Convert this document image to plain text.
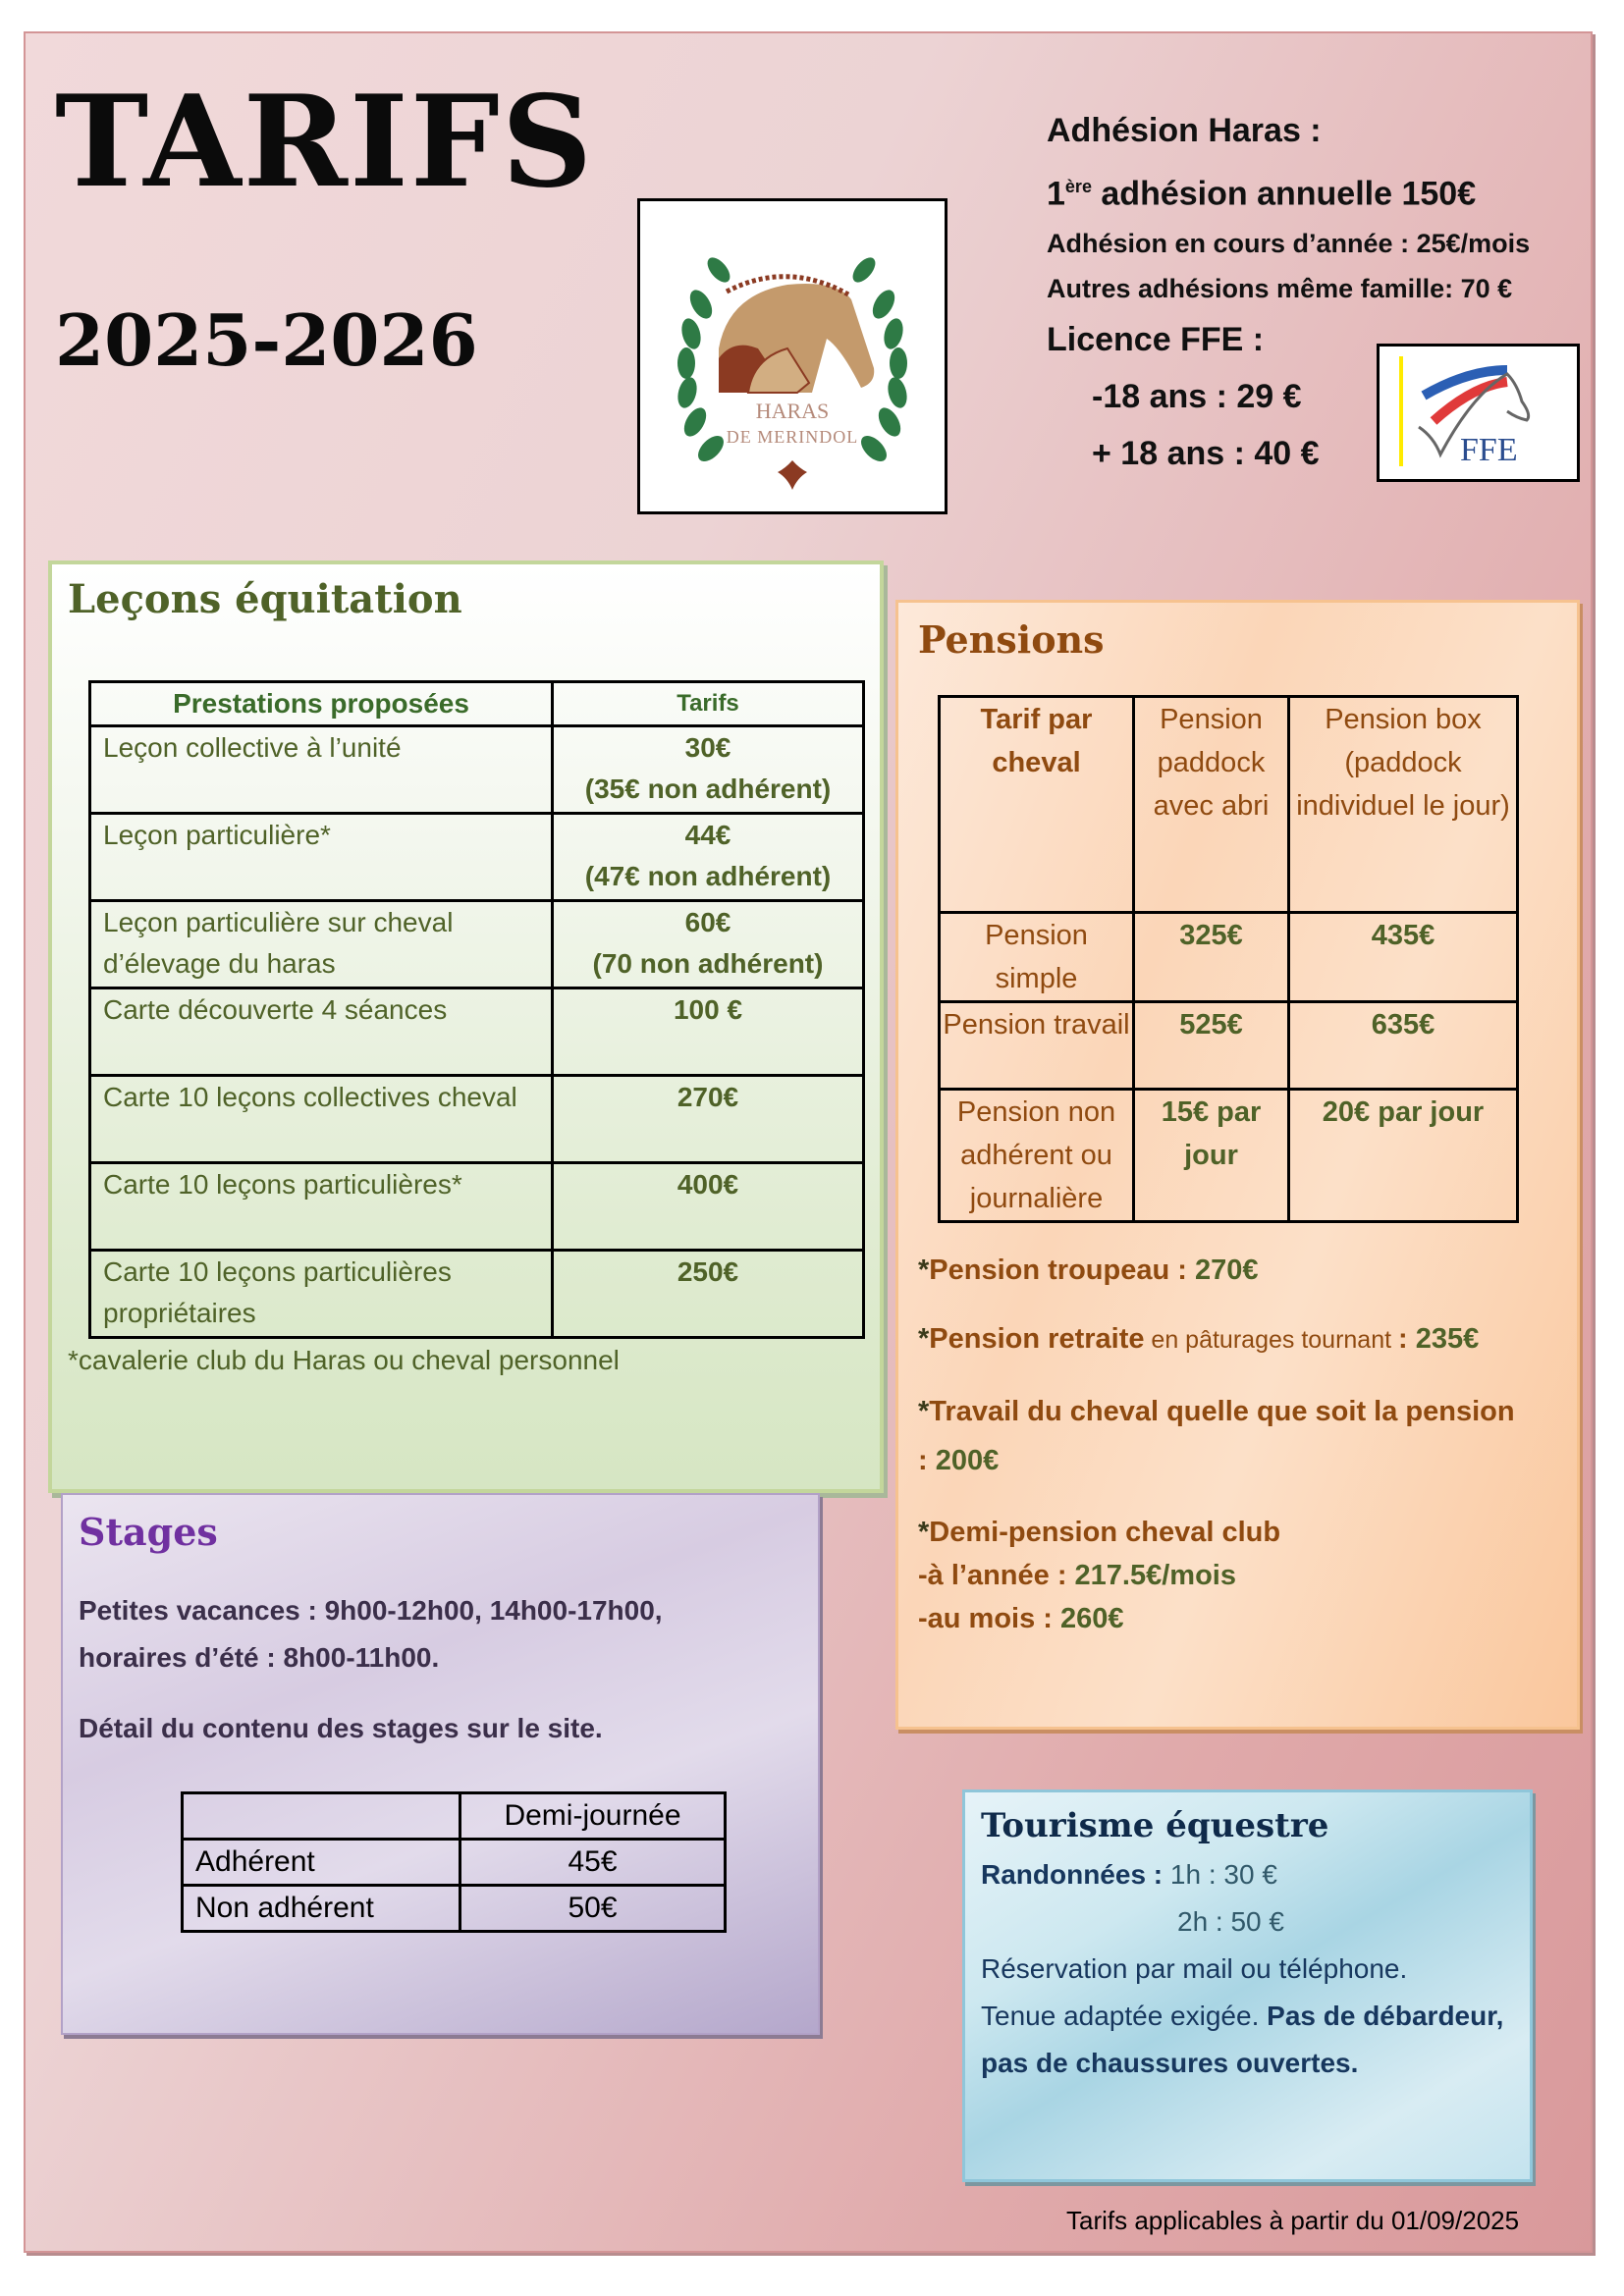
TARIFS
2025-2026
HARAS
DE MERINDOL
Adhésion Haras :
1ère adhésion annuelle 150€
Adhésion en cours d’année : 25€/mois
Autres adhésions même famille: 70 €
Licence FFE :
-18 ans : 29 €
+ 18 ans : 40 €	FFE
Leçons équitation
Prestations proposées	Tarifs
Leçon collective à l’unité	30€
(35€ non adhérent)

Leçon particulière*	44€
(47€ non adhérent)

Leçon particulière sur cheval d’élevage du haras	60€
(70 non adhérent)

Carte découverte 4 séances	100 €
Carte 10 leçons collectives cheval	270€
Carte 10 leçons particulières*	400€
Carte 10 leçons particulières propriétaires	250€
*cavalerie club du Haras ou cheval personnel
Pensions
Tarif par cheval	Pension paddock avec abri	Pension box (paddock individuel le jour)
Pension simple	325€	435€
Pension travail	525€	635€
Pension non adhérent ou journalière	15€ par jour	20€ par jour
*Pension troupeau : 270€
*Pension retraite en pâturages tournant : 235€
*Travail du cheval quelle que soit la pension : 200€
*Demi-pension cheval club
-à l’année : 217.5€/mois
-au mois : 260€
Stages
Petites vacances : 9h00-12h00, 14h00-17h00,
horaires d’été : 8h00-11h00.
Détail du contenu des stages sur le site.
	Demi-journée
Adhérent	45€
Non adhérent	50€
Tourisme équestre
Randonnées : 1h : 30 €
2h : 50 €
Réservation par mail ou téléphone.
Tenue adaptée exigée. Pas de débardeur, pas de chaussures ouvertes.
Tarifs applicables à partir du 01/09/2025
